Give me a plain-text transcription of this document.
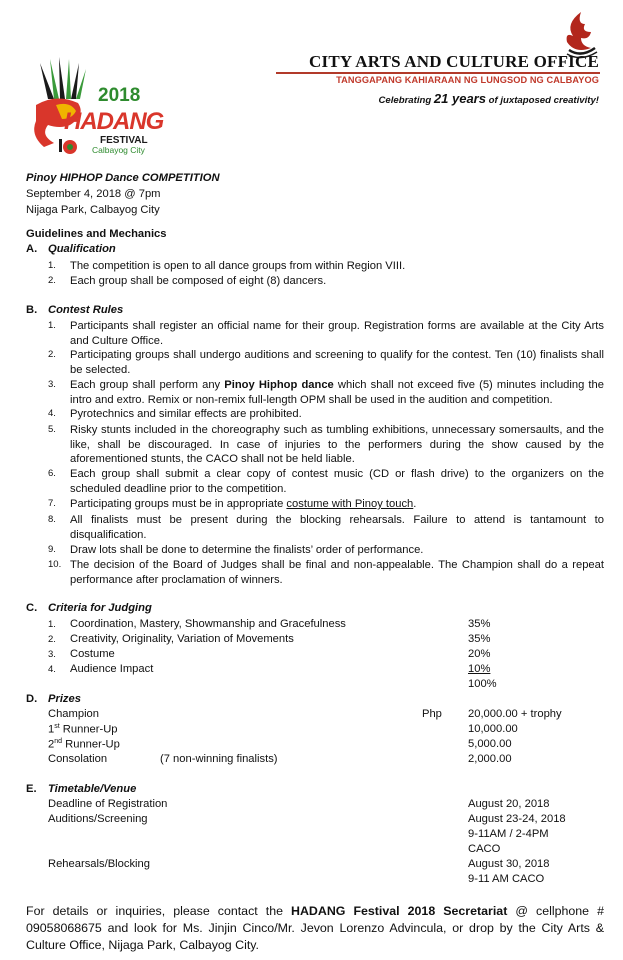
2018
HADANG
FESTIVAL
Calbayog City
CITY ARTS AND CULTURE OFFICE
TANGGAPANG KAHIARAAN NG LUNGSOD NG CALBAYOG
Celebrating 21 years of juxtaposed creativity!
Pinoy HIPHOP Dance COMPETITION
September 4, 2018 @ 7pm
Nijaga Park, Calbayog City
Guidelines and Mechanics
A. Qualification
1.	The competition is open to all dance groups from within Region VIII.
2.	Each group shall be composed of eight (8) dancers.
B. Contest Rules
1.	Participants shall register an official name for their group. Registration forms are available at the City Arts and Culture Office.
2.	Participating groups shall undergo auditions and screening to qualify for the contest. Ten (10) finalists shall be selected.
3.	Each group shall perform any Pinoy Hiphop dance which shall not exceed five (5) minutes including the intro and extro. Remix or non-remix full-length OPM shall be used in the audition and competition.
4.	Pyrotechnics and similar effects are prohibited.
5.	Risky stunts included in the choreography such as tumbling exhibitions, unnecessary somersaults, and the like, shall be discouraged. In case of injuries to the performers during the show caused by the aforementioned stunts, the CACO shall not be held liable.
6.	Each group shall submit a clear copy of contest music (CD or flash drive) to the organizers on the scheduled deadline prior to the competition.
7.	Participating groups must be in appropriate costume with Pinoy touch.
8.	All finalists must be present during the blocking rehearsals. Failure to attend is tantamount to disqualification.
9.	Draw lots shall be done to determine the finalists’ order of performance.
10. The decision of the Board of Judges shall be final and non-appealable. The Champion shall do a repeat performance after proclamation of winners.
C. Criteria for Judging
1. Coordination, Mastery, Showmanship and Gracefulness	35%
2. Creativity, Originality, Variation of Movements	35%
3. Costume	20%
4. Audience Impact	10%
100%
D. Prizes
Champion	Php 20,000.00 + trophy
1st Runner-Up	10,000.00
2nd Runner-Up	5,000.00
Consolation	(7 non-winning finalists)	2,000.00
E. Timetable/Venue
Deadline of Registration	August 20, 2018
Auditions/Screening	August 23-24, 2018
9-11AM / 2-4PM
CACO
Rehearsals/Blocking	August 30, 2018
9-11 AM CACO
For details or inquiries, please contact the HADANG Festival 2018 Secretariat @ cellphone # 09058068675 and look for Ms. Jinjin Cinco/Mr. Jevon Lorenzo Advincula, or drop by the City Arts & Culture Office, Nijaga Park, Calbayog City.
